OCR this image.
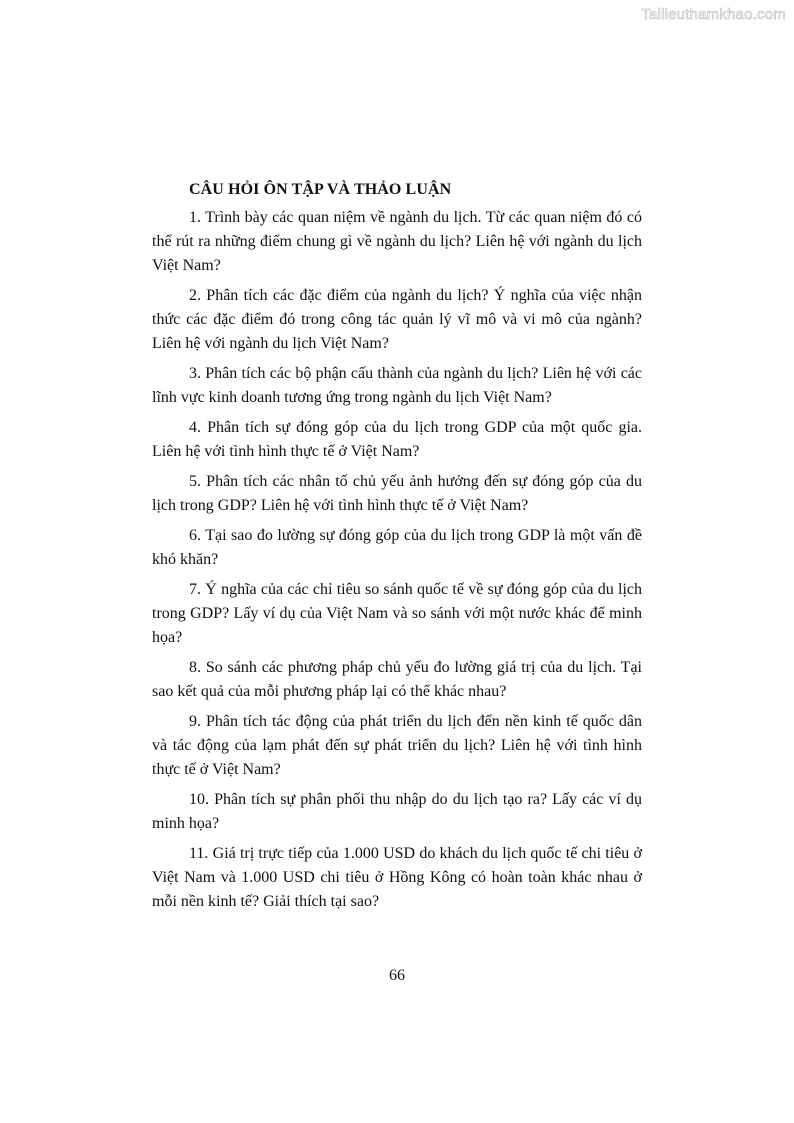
Tailieuthamkhao.com
CÂU HỎI ÔN TẬP VÀ THẢO LUẬN

1. Trình bày các quan niệm về ngành du lịch. Từ các quan niệm đó có thể rút ra những điểm chung gì về ngành du lịch? Liên hệ với ngành du lịch Việt Nam?

2. Phân tích các đặc điểm của ngành du lịch? Ý nghĩa của việc nhận thức các đặc điểm đó trong công tác quản lý vĩ mô và vi mô của ngành? Liên hệ với ngành du lịch Việt Nam?

3. Phân tích các bộ phận cấu thành của ngành du lịch? Liên hệ với các lĩnh vực kinh doanh tương ứng trong ngành du lịch Việt Nam?

4. Phân tích sự đóng góp của du lịch trong GDP của một quốc gia. Liên hệ với tình hình thực tế ở Việt Nam?

5. Phân tích các nhân tố chủ yếu ảnh hưởng đến sự đóng góp của du lịch trong GDP? Liên hệ với tình hình thực tế ở Việt Nam?

6. Tại sao đo lường sự đóng góp của du lịch trong GDP là một vấn đề khó khăn?

7. Ý nghĩa của các chỉ tiêu so sánh quốc tế về sự đóng góp của du lịch trong GDP? Lấy ví dụ của Việt Nam và so sánh với một nước khác để minh họa?

8. So sánh các phương pháp chủ yếu đo lường giá trị của du lịch. Tại sao kết quả của mỗi phương pháp lại có thể khác nhau?

9. Phân tích tác động của phát triển du lịch đến nền kinh tế quốc dân và tác động của lạm phát đến sự phát triển du lịch? Liên hệ với tình hình thực tế ở Việt Nam?

10. Phân tích sự phân phối thu nhập do du lịch tạo ra? Lấy các ví dụ minh họa?

11. Giá trị trực tiếp của 1.000 USD do khách du lịch quốc tế chi tiêu ở Việt Nam và 1.000 USD chi tiêu ở Hồng Kông có hoàn toàn khác nhau ở mỗi nền kinh tế? Giải thích tại sao?

66
